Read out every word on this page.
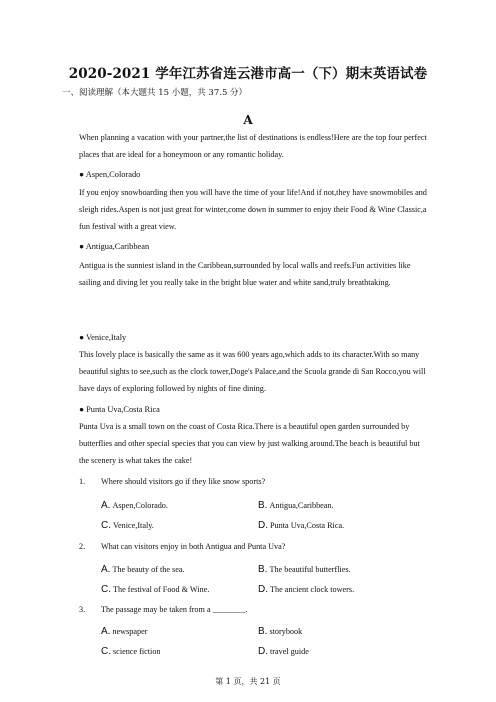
2020-2021 学年江苏省连云港市高一（下）期末英语试卷
一、阅读理解（本大题共 15 小题，共 37.5 分）
A
When planning a vacation with your partner,the list of destinations is endless!Here are the top four perfect places that are ideal for a honeymoon or any romantic holiday.
● Aspen,Colorado
If you enjoy snowboarding then you will have the time of your life!And if not,they have snowmobiles and sleigh rides.Aspen is not just great for winter,come down in summer to enjoy their Food & Wine Classic,a fun festival with a great view.
● Antigua,Caribbean
Antigua is the sunniest island in the Caribbean,surrounded by local walls and reefs.Fun activities like sailing and diving let you really take in the bright blue water and white sand,truly breathtaking.
● Venice,Italy
This lovely place is basically the same as it was 600 years ago,which adds to its character.With so many beautiful sights to see,such as the clock tower,Doge's Palace,and the Scuola grande di San Rocco,you will have days of exploring followed by nights of fine dining.
● Punta Uva,Costa Rica
Punta Uva is a small town on the coast of Costa Rica.There is a beautiful open garden surrounded by butterflies and other special species that you can view by just walking around.The beach is beautiful but the scenery is what takes the cake!
1. Where should visitors go if they like snow sports?
A. Aspen,Colorado.	B. Antigua,Caribbean.
C. Venice,Italy.	D. Punta Uva,Costa Rica.
2. What can visitors enjoy in both Antigua and Punta Uva?
A. The beauty of the sea.	B. The beautiful butterflies.
C. The festival of Food & Wine.	D. The ancient clock towers.
3. The passage may be taken from a ________.
A. newspaper	B. storybook
C. science fiction	D. travel guide
第 1 页，共 21 页
